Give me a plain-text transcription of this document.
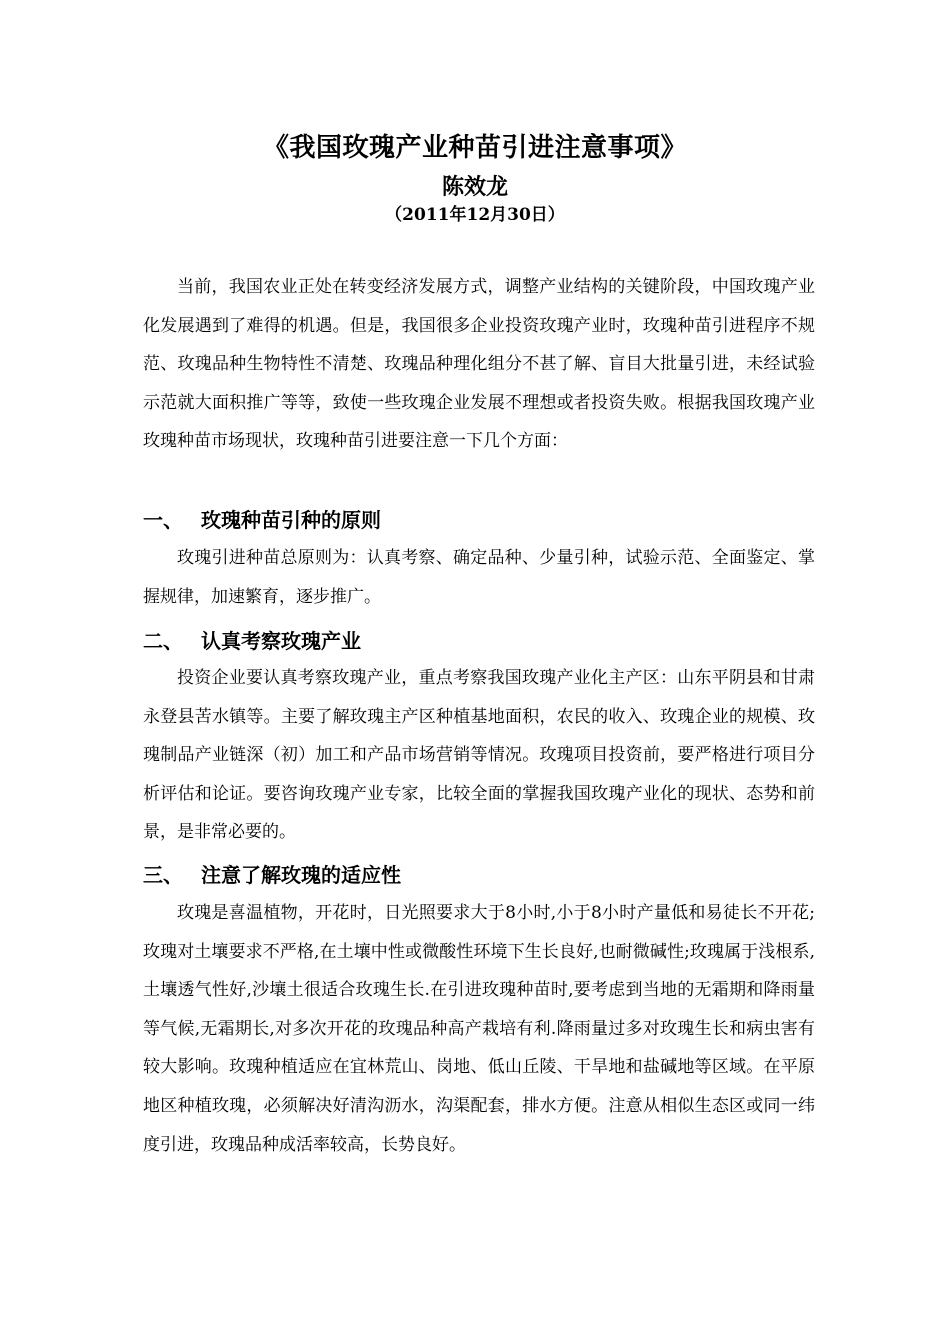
《我国玫瑰产业种苗引进注意事项》
陈效龙
（2011年12月30日）

当前，我国农业正处在转变经济发展方式，调整产业结构的关键阶段，中国玫瑰产业化发展遇到了难得的机遇。但是，我国很多企业投资玫瑰产业时，玫瑰种苗引进程序不规范、玫瑰品种生物特性不清楚、玫瑰品种理化组分不甚了解、盲目大批量引进，未经试验示范就大面积推广等等，致使一些玫瑰企业发展不理想或者投资失败。根据我国玫瑰产业玫瑰种苗市场现状，玫瑰种苗引进要注意一下几个方面：

一、 玫瑰种苗引种的原则

玫瑰引进种苗总原则为：认真考察、确定品种、少量引种，试验示范、全面鉴定、掌握规律，加速繁育，逐步推广。

二、 认真考察玫瑰产业

投资企业要认真考察玫瑰产业，重点考察我国玫瑰产业化主产区：山东平阴县和甘肃永登县苦水镇等。主要了解玫瑰主产区种植基地面积，农民的收入、玫瑰企业的规模、玫瑰制品产业链深（初）加工和产品市场营销等情况。玫瑰项目投资前，要严格进行项目分析评估和论证。要咨询玫瑰产业专家，比较全面的掌握我国玫瑰产业化的现状、态势和前景，是非常必要的。

三、 注意了解玫瑰的适应性

玫瑰是喜温植物，开花时，日光照要求大于8小时,小于8小时产量低和易徒长不开花;玫瑰对土壤要求不严格,在土壤中性或微酸性环境下生长良好,也耐微碱性;玫瑰属于浅根系,土壤透气性好,沙壤土很适合玫瑰生长.在引进玫瑰种苗时,要考虑到当地的无霜期和降雨量等气候,无霜期长,对多次开花的玫瑰品种高产栽培有利.降雨量过多对玫瑰生长和病虫害有较大影响。玫瑰种植适应在宜林荒山、岗地、低山丘陵、干旱地和盐碱地等区域。在平原地区种植玫瑰，必须解决好清沟沥水，沟渠配套，排水方便。注意从相似生态区或同一纬度引进，玫瑰品种成活率较高，长势良好。
